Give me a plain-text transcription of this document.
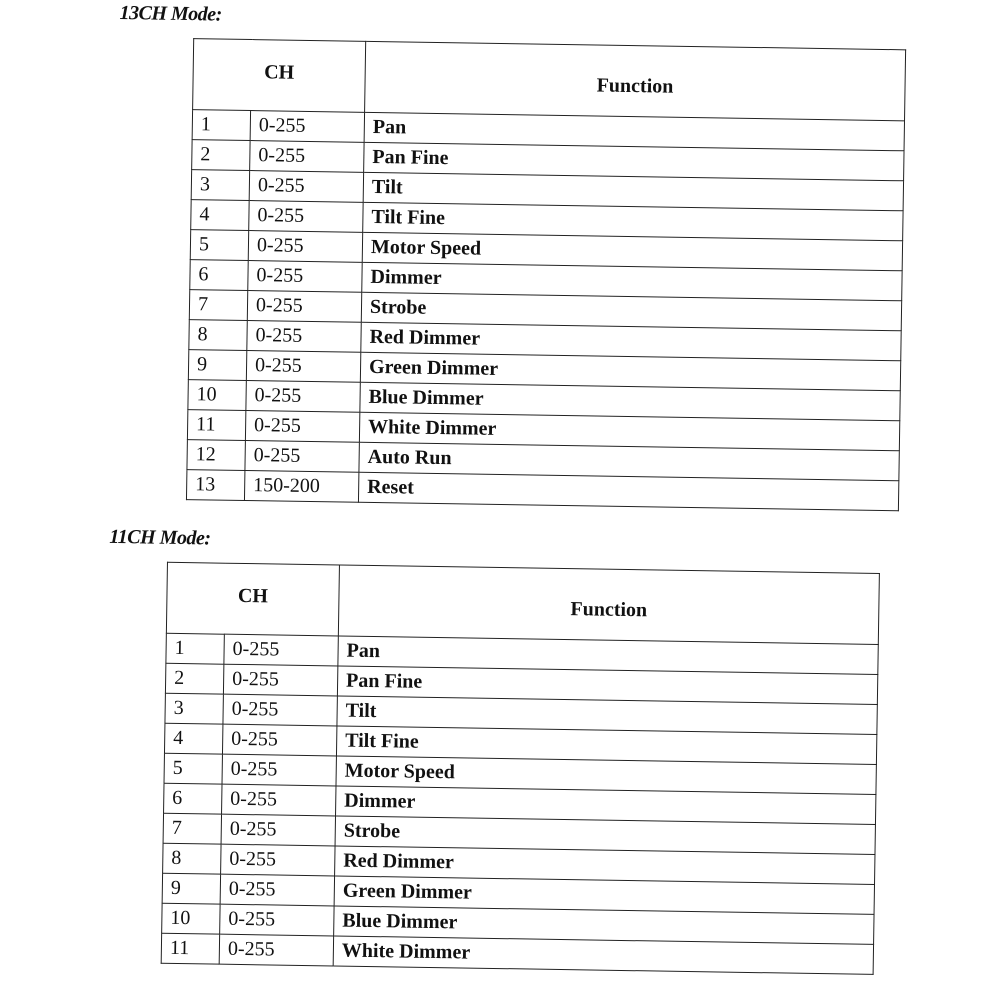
13CH Mode:
CH		Function
1	0-255	Pan
2	0-255	Pan Fine
3	0-255	Tilt
4	0-255	Tilt Fine
5	0-255	Motor Speed
6	0-255	Dimmer
7	0-255	Strobe
8	0-255	Red Dimmer
9	0-255	Green Dimmer
10	0-255	Blue Dimmer
11	0-255	White Dimmer
12	0-255	Auto Run
13	150-200	Reset
11CH Mode:
CH		Function
1	0-255	Pan
2	0-255	Pan Fine
3	0-255	Tilt
4	0-255	Tilt Fine
5	0-255	Motor Speed
6	0-255	Dimmer
7	0-255	Strobe
8	0-255	Red Dimmer
9	0-255	Green Dimmer
10	0-255	Blue Dimmer
11	0-255	White Dimmer
